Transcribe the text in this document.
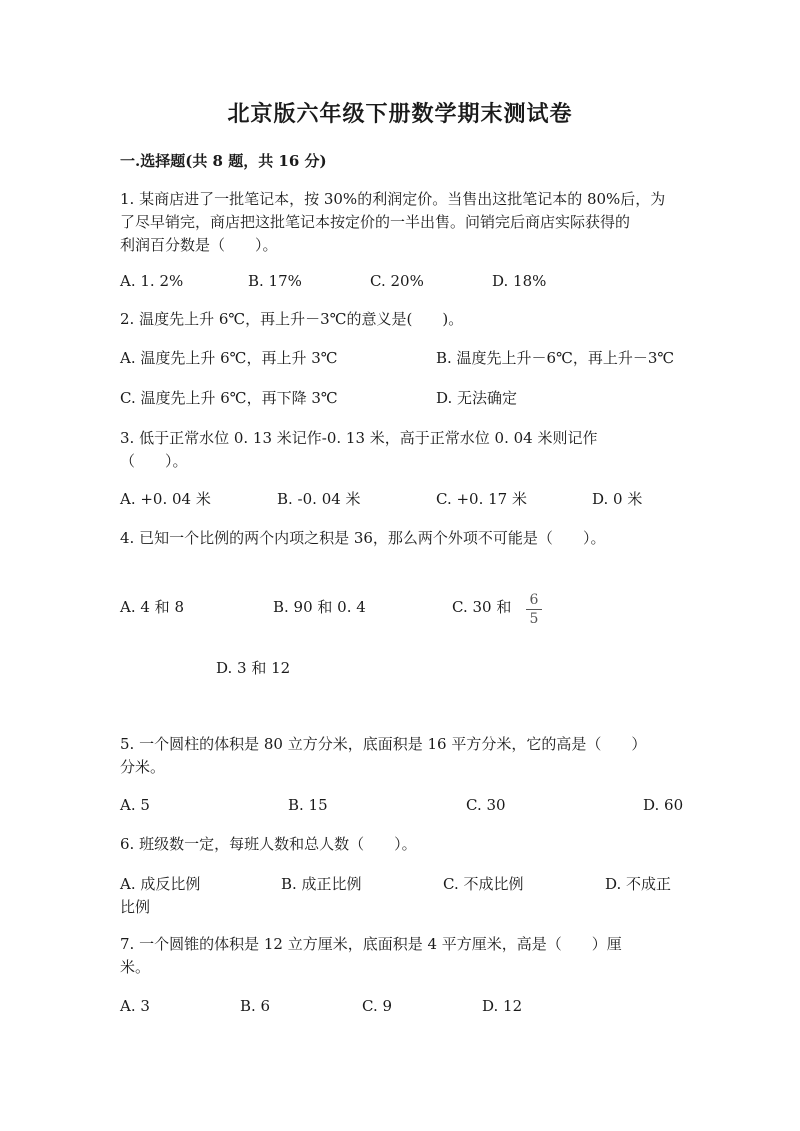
北京版六年级下册数学期末测试卷
一.选择题(共 8 题，共 16 分)
1. 某商店进了一批笔记本，按 30%的利润定价。当售出这批笔记本的 80%后，为
了尽早销完，商店把这批笔记本按定价的一半出售。问销完后商店实际获得的
利润百分数是（　　）。
A. 1. 2%	B. 17%	C. 20%	D. 18%
2. 温度先上升 6℃，再上升－3℃的意义是(　　)。
A. 温度先上升 6℃，再上升 3℃	B. 温度先上升－6℃，再上升－3℃
C. 温度先上升 6℃，再下降 3℃	D. 无法确定
3. 低于正常水位 0. 13 米记作-0. 13 米，高于正常水位 0. 04 米则记作
（　　）。
A. +0. 04 米	B. -0. 04 米	C. +0. 17 米	D. 0 米
4. 已知一个比例的两个内项之积是 36，那么两个外项不可能是（　　）。
A. 4 和 8	B. 90 和 0. 4	C. 30 和	6
5
D. 3 和 12
5. 一个圆柱的体积是 80 立方分米，底面积是 16 平方分米，它的高是（　　）
分米。
A. 5	B. 15	C. 30	D. 60
6. 班级数一定，每班人数和总人数（　　）。
A. 成反比例	B. 成正比例	C. 不成比例	D. 不成正
比例
7. 一个圆锥的体积是 12 立方厘米，底面积是 4 平方厘米，高是（　　）厘
米。
A. 3	B. 6	C. 9	D. 12
